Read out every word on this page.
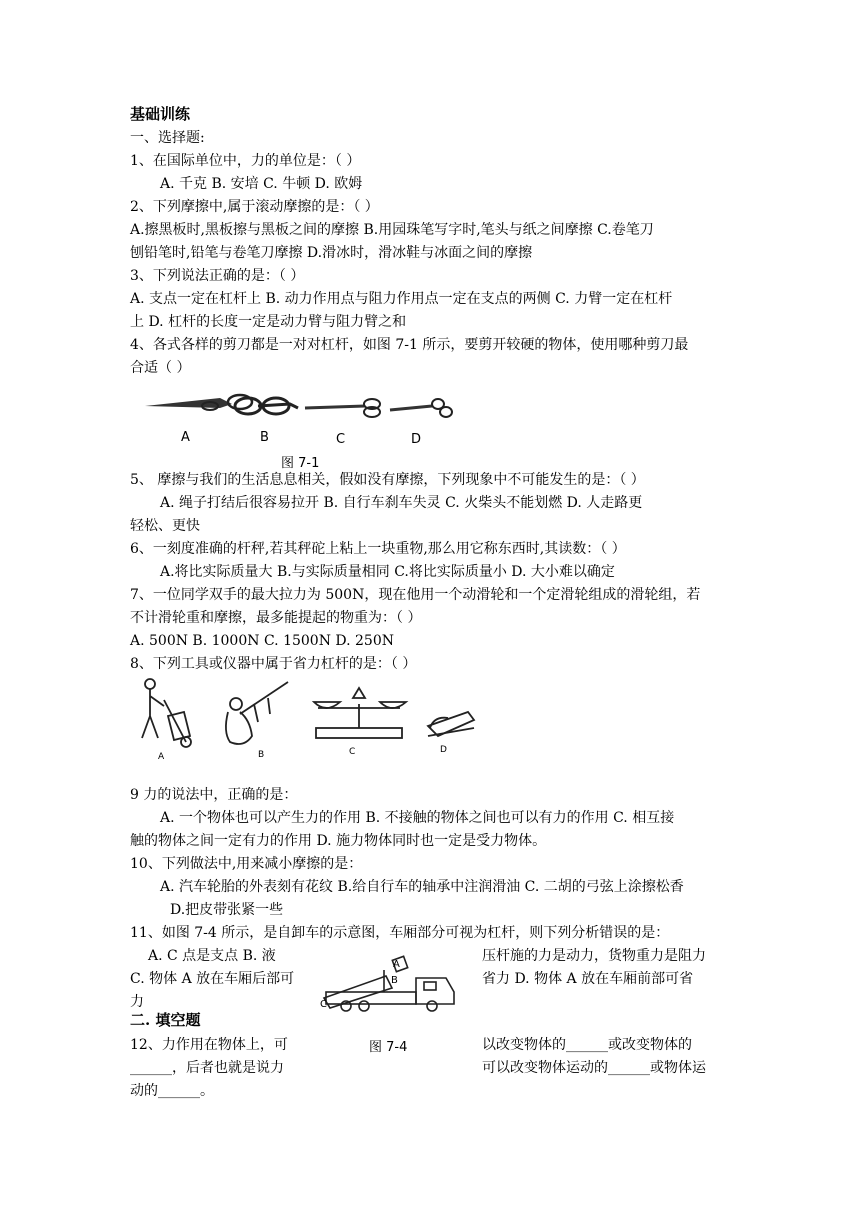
基础训练
一、选择题:
1、在国际单位中，力的单位是：（ ）
A. 千克 B. 安培 C. 牛顿 D. 欧姆
2、下列摩擦中,属于滚动摩擦的是：（ ）
A.擦黑板时,黑板擦与黑板之间的摩擦 B.用园珠笔写字时,笔头与纸之间摩擦 C.卷笔刀
刨铅笔时,铅笔与卷笔刀摩擦 D.滑冰时，滑冰鞋与冰面之间的摩擦
3、下列说法正确的是：（ ）
A. 支点一定在杠杆上 B. 动力作用点与阻力作用点一定在支点的两侧 C. 力臂一定在杠杆
上 D. 杠杆的长度一定是动力臂与阻力臂之和
4、各式各样的剪刀都是一对对杠杆，如图 7-1 所示，要剪开较硬的物体，使用哪种剪刀最
合适（ ）
A	B	C	D
图 7-1
5、 摩擦与我们的生活息息相关，假如没有摩擦，下列现象中不可能发生的是：（ ）
A. 绳子打结后很容易拉开 B. 自行车刹车失灵 C. 火柴头不能划燃 D. 人走路更
轻松、更快
6、一刻度准确的杆秤,若其秤砣上粘上一块重物,那么用它称东西时,其读数：（ ）
A.将比实际质量大 B.与实际质量相同 C.将比实际质量小 D. 大小难以确定
7、一位同学双手的最大拉力为 500N，现在他用一个动滑轮和一个定滑轮组成的滑轮组，若
不计滑轮重和摩擦，最多能提起的物重为：（ ）
A. 500N B. 1000N C. 1500N D. 250N
8、下列工具或仪器中属于省力杠杆的是：（ ）
A	B	C	D
9 力的说法中，正确的是：
A. 一个物体也可以产生力的作用 B. 不接触的物体之间也可以有力的作用 C. 相互接
触的物体之间一定有力的作用 D. 施力物体同时也一定是受力物体。
10、下列做法中,用来减小摩擦的是：
A. 汽车轮胎的外表刻有花纹 B.给自行车的轴承中注润滑油 C. 二胡的弓弦上涂擦松香
D.把皮带张紧一些
11、如图 7-4 所示，是自卸车的示意图，车厢部分可视为杠杆，则下列分析错误的是：
A. C 点是支点 B. 液
C. 物体 A 放在车厢后部可
力
压杆施的力是动力，货物重力是阻力
省力 D. 物体 A 放在车厢前部可省
A
B
C
二. 填空题
图 7-4
12、力作用在物体上，可
______，后者也就是说力
动的______。
以改变物体的______或改变物体的
可以改变物体运动的______或物体运
